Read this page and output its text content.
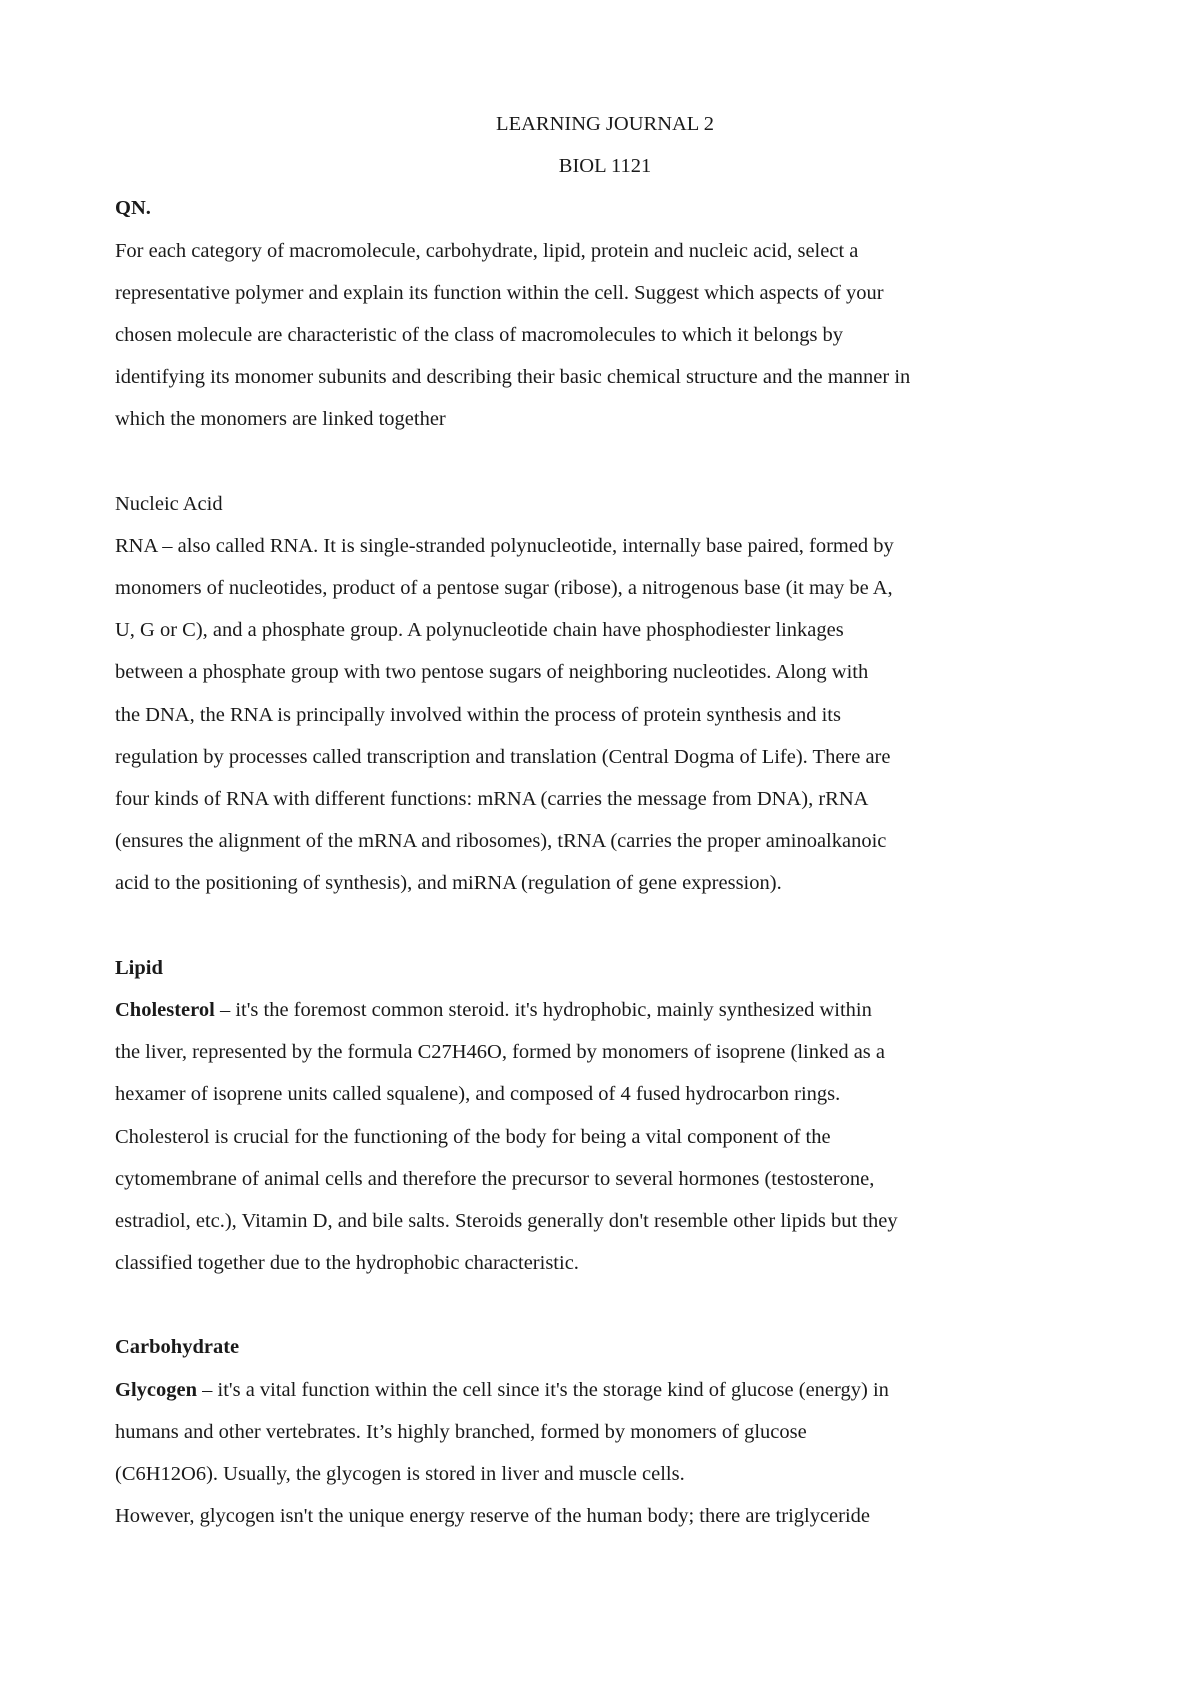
LEARNING JOURNAL 2
BIOL 1121
QN.
For each category of macromolecule, carbohydrate, lipid, protein and nucleic acid, select a
representative polymer and explain its function within the cell. Suggest which aspects of your
chosen molecule are characteristic of the class of macromolecules to which it belongs by
identifying its monomer subunits and describing their basic chemical structure and the manner in
which the monomers are linked together
Nucleic Acid
RNA – also called RNA. It is single-stranded polynucleotide, internally base paired, formed by
monomers of nucleotides, product of a pentose sugar (ribose), a nitrogenous base (it may be A,
U, G or C), and a phosphate group. A polynucleotide chain have phosphodiester linkages
between a phosphate group with two pentose sugars of neighboring nucleotides. Along with
the DNA, the RNA is principally involved within the process of protein synthesis and its
regulation by processes called transcription and translation (Central Dogma of Life). There are
four kinds of RNA with different functions: mRNA (carries the message from DNA), rRNA
(ensures the alignment of the mRNA and ribosomes), tRNA (carries the proper aminoalkanoic
acid to the positioning of synthesis), and miRNA (regulation of gene expression).
Lipid
Cholesterol – it's the foremost common steroid. it's hydrophobic, mainly synthesized within
the liver, represented by the formula C27H46O, formed by monomers of isoprene (linked as a
hexamer of isoprene units called squalene), and composed of 4 fused hydrocarbon rings.
Cholesterol is crucial for the functioning of the body for being a vital component of the
cytomembrane of animal cells and therefore the precursor to several hormones (testosterone,
estradiol, etc.), Vitamin D, and bile salts. Steroids generally don't resemble other lipids but they
classified together due to the hydrophobic characteristic.
Carbohydrate
Glycogen – it's a vital function within the cell since it's the storage kind of glucose (energy) in
humans and other vertebrates. It’s highly branched, formed by monomers of glucose
(C6H12O6). Usually, the glycogen is stored in liver and muscle cells.
However, glycogen isn't the unique energy reserve of the human body; there are triglyceride
